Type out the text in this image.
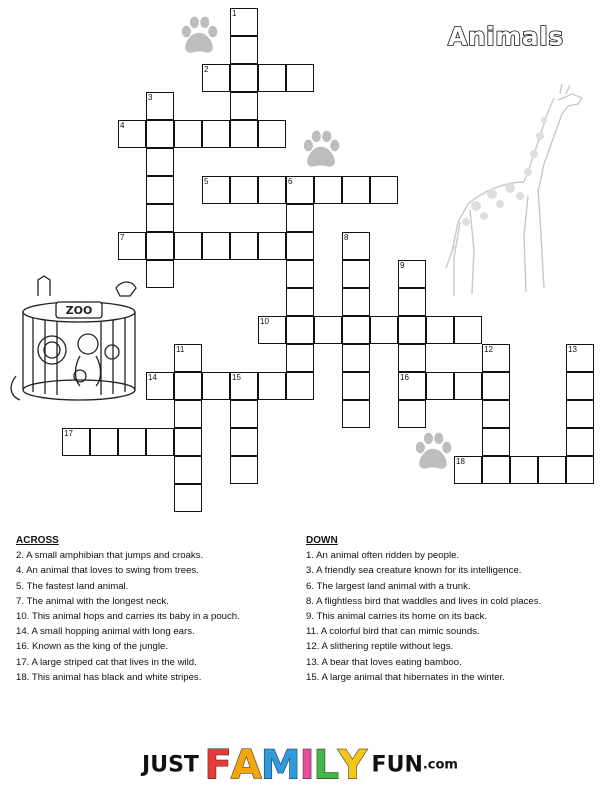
Animals
ZOO
1
2
3
4
5	6
7	8
9
10
11	12	13
14	15	16
17
18
ACROSS
2. A small amphibian that jumps and croaks.
4. An animal that loves to swing from trees.
5. The fastest land animal.
7. The animal with the longest neck.
10. This animal hops and carries its baby in a pouch.
14. A small hopping animal with long ears.
16. Known as the king of the jungle.
17. A large striped cat that lives in the wild.
18. This animal has black and white stripes.
DOWN
1. An animal often ridden by people.
3. A friendly sea creature known for its intelligence.
6. The largest land animal with a trunk.
8. A flightless bird that waddles and lives in cold places.
9. This animal carries its home on its back.
11. A colorful bird that can mimic sounds.
12. A slithering reptile without legs.
13. A bear that loves eating bamboo.
15. A large animal that hibernates in the winter.
JUST FAMILY FUN.com
